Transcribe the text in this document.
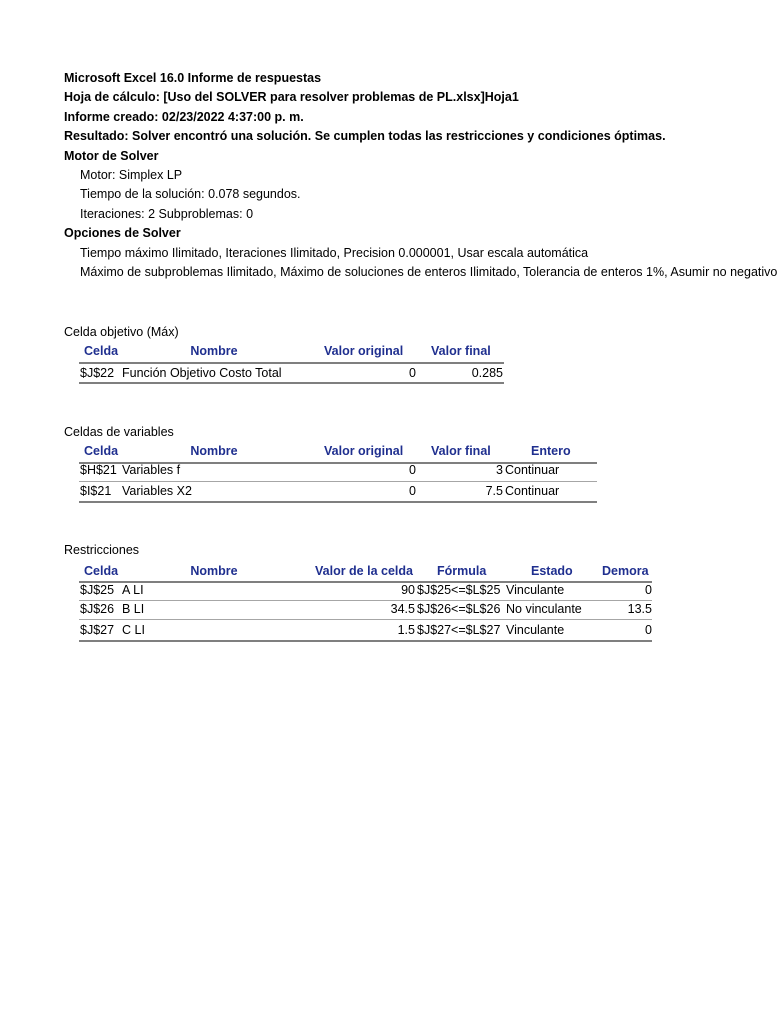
Microsoft Excel 16.0 Informe de respuestas
Hoja de cálculo: [Uso del SOLVER para resolver problemas de PL.xlsx]Hoja1
Informe creado: 02/23/2022 4:37:00 p. m.
Resultado: Solver encontró una solución. Se cumplen todas las restricciones y condiciones óptimas.
Motor de Solver
Motor: Simplex LP
Tiempo de la solución: 0.078 segundos.
Iteraciones: 2 Subproblemas: 0
Opciones de Solver
Tiempo máximo Ilimitado, Iteraciones Ilimitado, Precision 0.000001, Usar escala automática
Máximo de subproblemas Ilimitado, Máximo de soluciones de enteros Ilimitado, Tolerancia de enteros 1%, Asumir no negativo
Celda objetivo (Máx)
Celda	Nombre	Valor original Valor final
$J$22 Función Objetivo Costo Total	0	0.285
Celdas de variables
Celda	Nombre	Valor original Valor final	Entero
$H$21 Variables f	0	3 Continuar
$I$21 Variables X2	0	7.5 Continuar
Restricciones
Celda	Nombre	Valor de la celda Fórmula	Estado Demora
$J$25 A LI	90 $J$25<=$L$25 Vinculante	0
$J$26 B LI	34.5 $J$26<=$L$26 No vinculante	13.5
$J$27 C LI	1.5 $J$27<=$L$27 Vinculante	0
